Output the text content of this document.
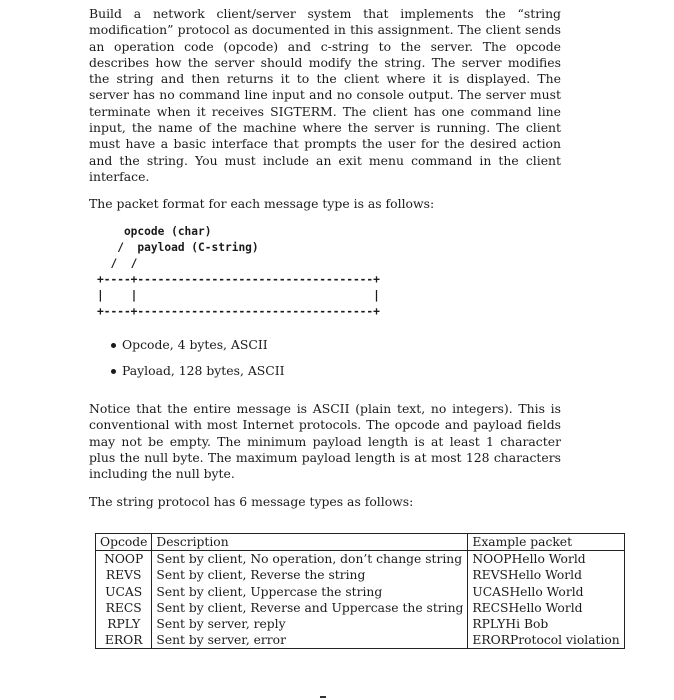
Build a network client/server system that implements the “string modification” protocol as documented in this assignment. The client sends an operation code (opcode) and c-string to the server. The opcode describes how the server should modify the string. The server modifies the string and then returns it to the client where it is displayed. The server has no command line input and no console output. The server must terminate when it receives SIGTERM. The client has one command line input, the name of the machine where the server is running. The client must have a basic interface that prompts the user for the desired action and the string. You must include an exit menu command in the client interface.

The packet format for each message type is as follows:

opcode (char)
/  payload (C-string)
/  /
+----+-----------------------------------+
|    |                                   |
+----+-----------------------------------+
Opcode, 4 bytes, ASCII
Payload, 128 bytes, ASCII

Notice that the entire message is ASCII (plain text, no integers). This is conventional with most Internet protocols. The opcode and payload fields may not be empty. The minimum payload length is at least 1 character plus the null byte. The maximum payload length is at most 128 characters including the null byte.

The string protocol has 6 message types as follows:

Opcode	Description	Example packet
NOOP	Sent by client, No operation, don’t change string	NOOPHello World
REVS	Sent by client, Reverse the string	REVSHello World
UCAS	Sent by client, Uppercase the string	UCASHello World
RECS	Sent by client, Reverse and Uppercase the string	RECSHello World
RPLY	Sent by server, reply	RPLYHi Bob
EROR	Sent by server, error	ERORProtocol violation
